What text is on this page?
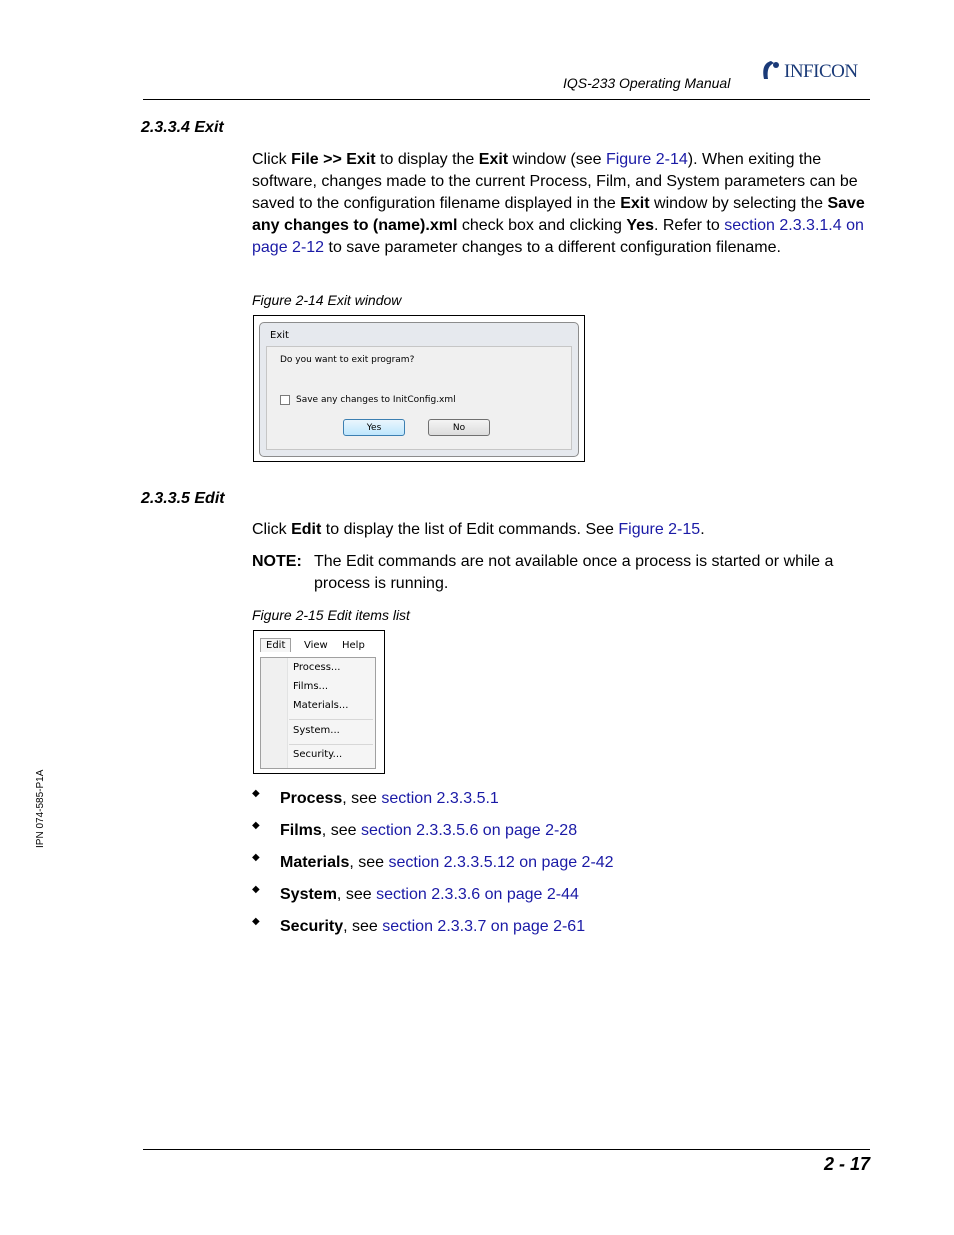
IQS-233 Operating Manual
INFICON
2.3.3.4 Exit

Click File >> Exit to display the Exit window (see Figure 2-14). When exiting the software, changes made to the current Process, Film, and System parameters can be saved to the configuration filename displayed in the Exit window by selecting the Save any changes to (name).xml check box and clicking Yes. Refer to section 2.3.3.1.4 on page 2-12 to save parameter changes to a different configuration filename.

Figure 2-14 Exit window
Exit
Do you want to exit program?
Save any changes to InitConfig.xml
Yes	No
2.3.3.5 Edit

Click Edit to display the list of Edit commands. See Figure 2-15.

NOTE: The Edit commands are not available once a process is started or while a process is running.
Figure 2-15 Edit items list
Edit	View Help
Process...
Films...
Materials...
System...
Security...
◆ Process, see section 2.3.3.5.1
◆ Films, see section 2.3.3.5.6 on page 2-28
◆ Materials, see section 2.3.3.5.12 on page 2-42
◆ System, see section 2.3.3.6 on page 2-44
◆ Security, see section 2.3.3.7 on page 2-61
IPN 074-585-P1A
2 - 17
